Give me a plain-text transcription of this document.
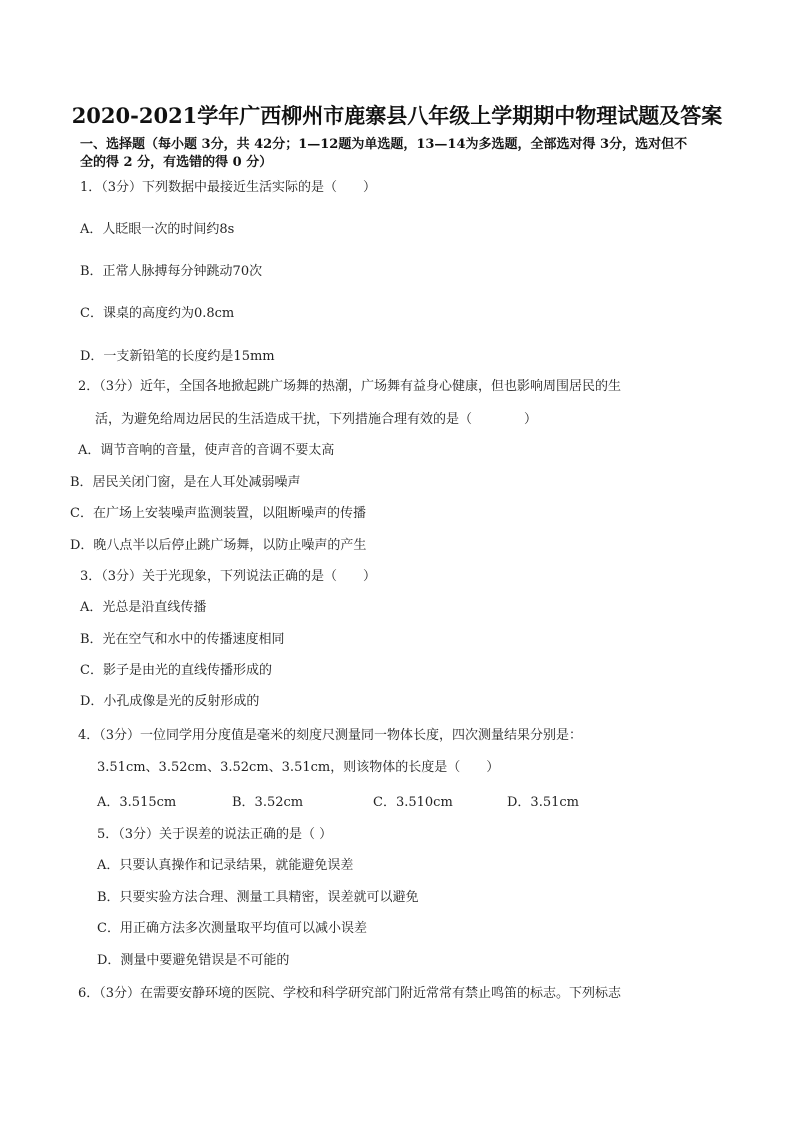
2020-2021学年广西柳州市鹿寨县八年级上学期期中物理试题及答案
一、选择题（每小题 3分，共 42分；1—12题为单选题，13—14为多选题，全部选对得 3分，选对但不
全的得 2 分，有选错的得 0 分）
1．（3分）下列数据中最接近生活实际的是（　　）
A．人眨眼一次的时间约8s
B．正常人脉搏每分钟跳动70次
C．课桌的高度约为0.8cm
D．一支新铅笔的长度约是15mm
2．（3分）近年，全国各地掀起跳广场舞的热潮，广场舞有益身心健康，但也影响周围居民的生
活，为避免给周边居民的生活造成干扰，下列措施合理有效的是（　　　　）
A．调节音响的音量，使声音的音调不要太高
B．居民关闭门窗，是在人耳处减弱噪声
C．在广场上安装噪声监测装置，以阻断噪声的传播
D．晚八点半以后停止跳广场舞，以防止噪声的产生
3．（3分）关于光现象，下列说法正确的是（　　）
A．光总是沿直线传播
B．光在空气和水中的传播速度相同
C．影子是由光的直线传播形成的
D．小孔成像是光的反射形成的
4．（3分）一位同学用分度值是毫米的刻度尺测量同一物体长度，四次测量结果分别是：
3.51cm、3.52cm、3.52cm、3.51cm，则该物体的长度是（　　）
A．3.515cm	B．3.52cm	C．3.510cm	D．3.51cm
5．（3分）关于误差的说法正确的是（ ）
A．只要认真操作和记录结果，就能避免误差
B．只要实验方法合理、测量工具精密，误差就可以避免
C．用正确方法多次测量取平均值可以减小误差
D．测量中要避免错误是不可能的
6．（3分）在需要安静环境的医院、学校和科学研究部门附近常常有禁止鸣笛的标志。下列标志
